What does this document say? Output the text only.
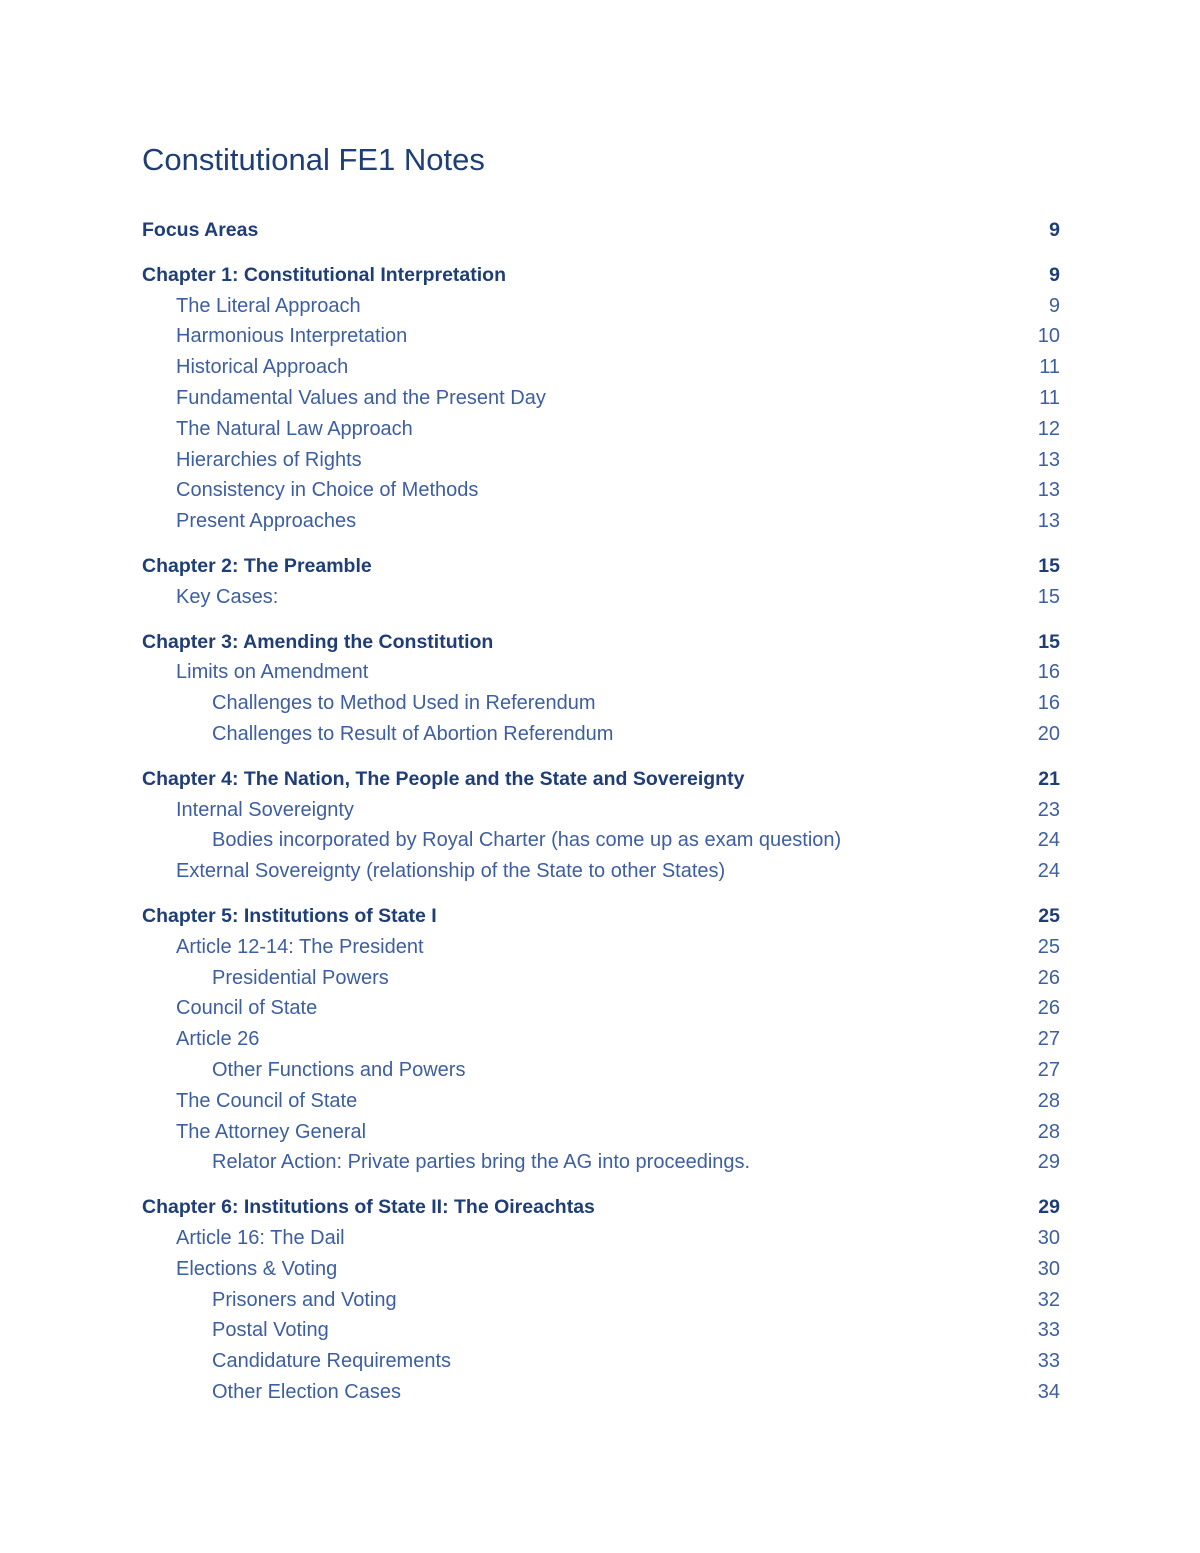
Constitutional FE1 Notes
Focus Areas	9
Chapter 1: Constitutional Interpretation	9
The Literal Approach	9
Harmonious Interpretation	10
Historical Approach	11
Fundamental Values and the Present Day	11
The Natural Law Approach	12
Hierarchies of Rights	13
Consistency in Choice of Methods	13
Present Approaches	13
Chapter 2: The Preamble	15
Key Cases:	15
Chapter 3: Amending the Constitution	15
Limits on Amendment	16
Challenges to Method Used in Referendum	16
Challenges to Result of Abortion Referendum	20
Chapter 4: The Nation, The People and the State and Sovereignty	21
Internal Sovereignty	23
Bodies incorporated by Royal Charter (has come up as exam question)	24
External Sovereignty (relationship of the State to other States)	24
Chapter 5: Institutions of State I	25
Article 12-14: The President	25
Presidential Powers	26
Council of State	26
Article 26	27
Other Functions and Powers	27
The Council of State	28
The Attorney General	28
Relator Action: Private parties bring the AG into proceedings.	29
Chapter 6: Institutions of State II: The Oireachtas	29
Article 16: The Dail	30
Elections & Voting	30
Prisoners and Voting	32
Postal Voting	33
Candidature Requirements	33
Other Election Cases	34
